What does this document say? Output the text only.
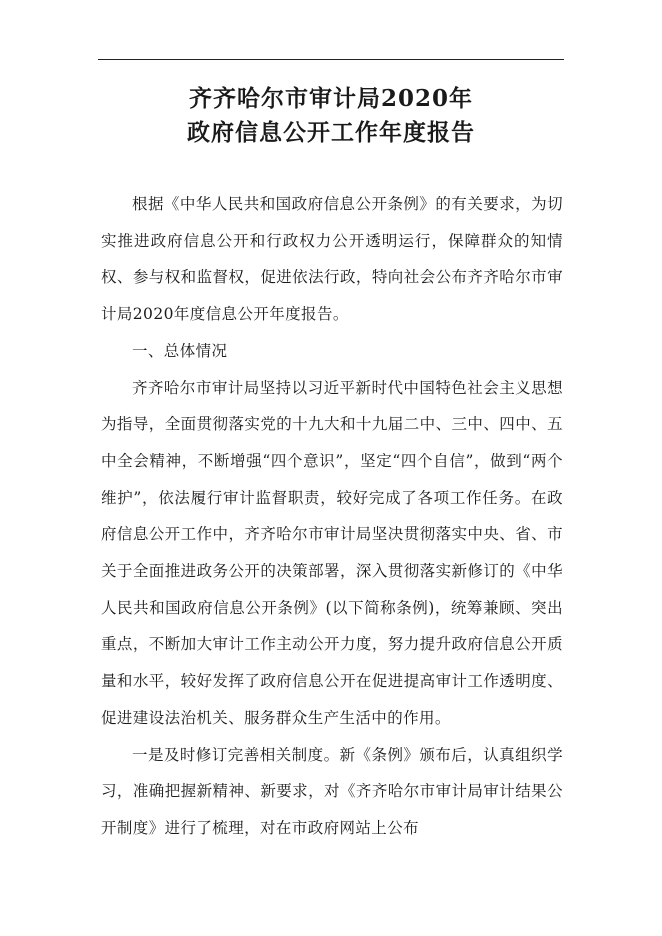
齐齐哈尔市审计局2020年
政府信息公开工作年度报告

根据《中华人民共和国政府信息公开条例》的有关要求，为切实推进政府信息公开和行政权力公开透明运行，保障群众的知情权、参与权和监督权，促进依法行政，特向社会公布齐齐哈尔市审计局2020年度信息公开年度报告。

一、总体情况

齐齐哈尔市审计局坚持以习近平新时代中国特色社会主义思想为指导，全面贯彻落实党的十九大和十九届二中、三中、四中、五中全会精神，不断增强“四个意识”，坚定“四个自信”，做到“两个维护”，依法履行审计监督职责，较好完成了各项工作任务。在政府信息公开工作中，齐齐哈尔市审计局坚决贯彻落实中央、省、市关于全面推进政务公开的决策部署，深入贯彻落实新修订的《中华人民共和国政府信息公开条例》(以下简称条例)，统筹兼顾、突出重点，不断加大审计工作主动公开力度，努力提升政府信息公开质量和水平，较好发挥了政府信息公开在促进提高审计工作透明度、促进建设法治机关、服务群众生产生活中的作用。

一是及时修订完善相关制度。新《条例》颁布后，认真组织学习，准确把握新精神、新要求，对《齐齐哈尔市审计局审计结果公开制度》进行了梳理，对在市政府网站上公布
